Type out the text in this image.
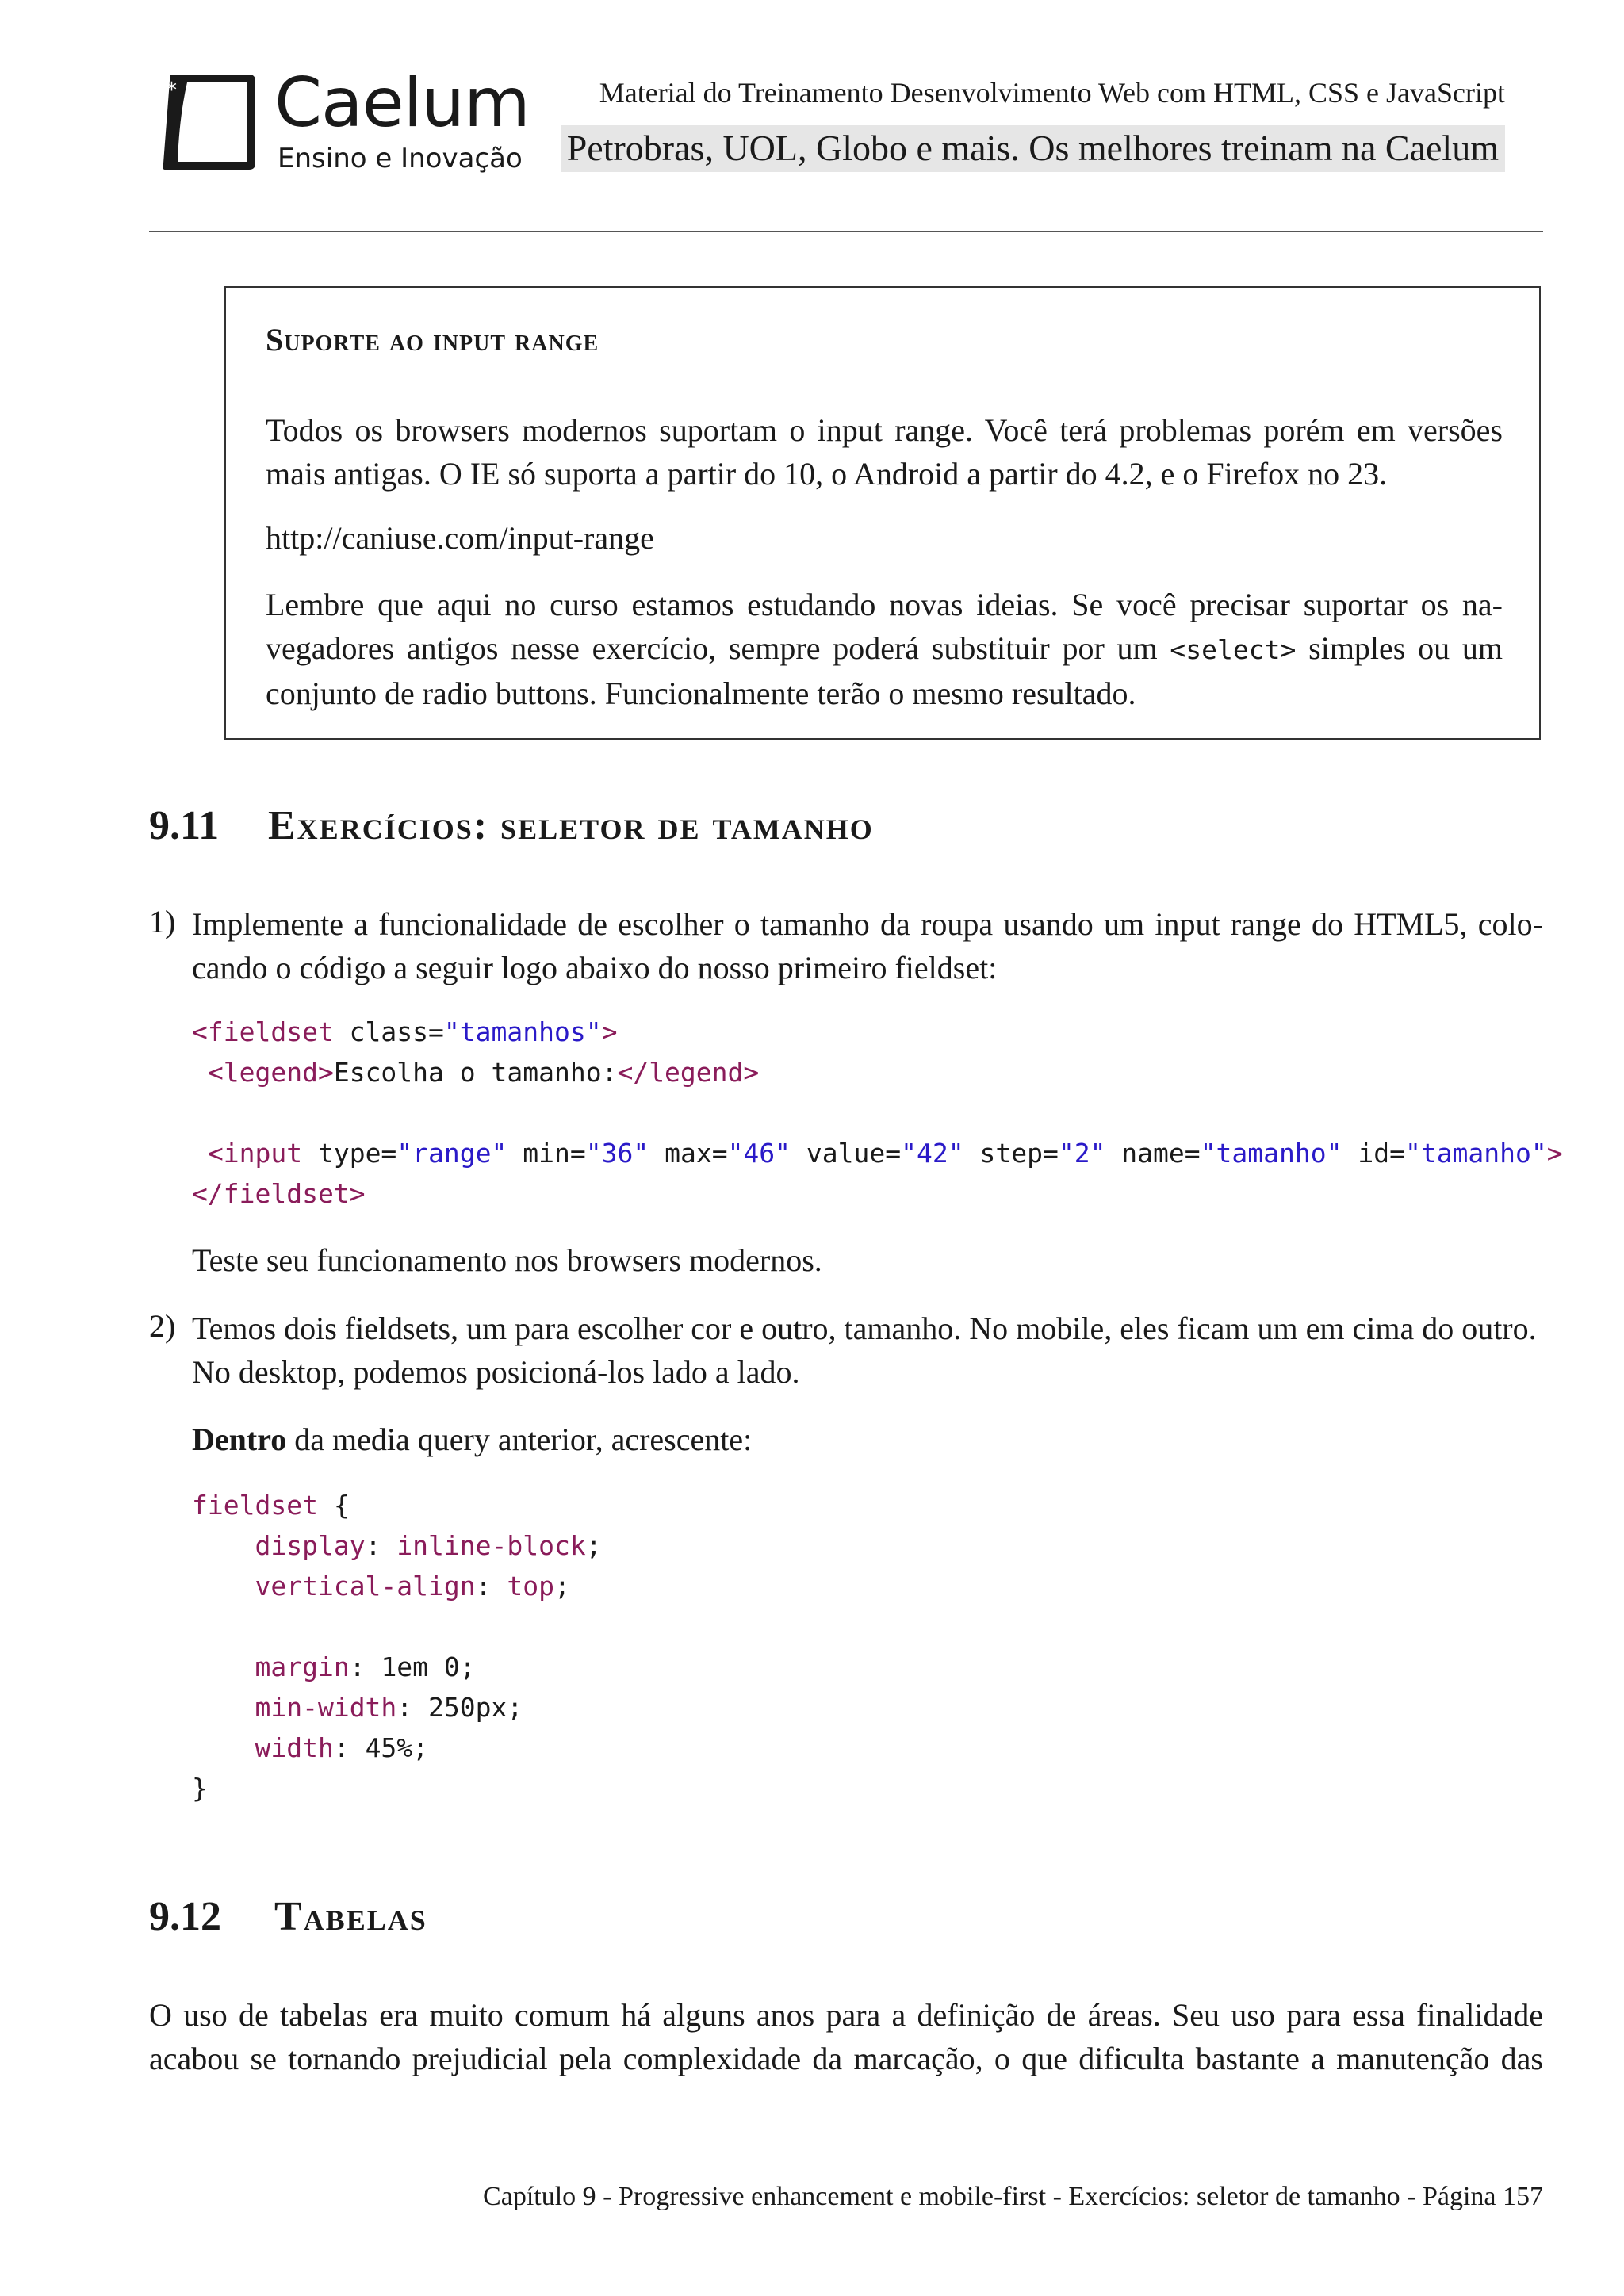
* Caelum
Ensino e Inovação
Material do Treinamento Desenvolvimento Web com HTML, CSS e JavaScript
Petrobras, UOL, Globo e mais. Os melhores treinam na Caelum
Suporte ao input range

Todos os browsers modernos suportam o input range. Você terá problemas porém em versões
mais antigas. O IE só suporta a partir do 10, o Android a partir do 4.2, e o Firefox no 23.

http://caniuse.com/input-range

Lembre que aqui no curso estamos estudando novas ideias. Se você precisar suportar os na-
vegadores antigos nesse exercício, sempre poderá substituir por um <select> simples ou um
conjunto de radio buttons. Funcionalmente terão o mesmo resultado.

9.11 Exercícios: seletor de tamanho
1) Implemente a funcionalidade de escolher o tamanho da roupa usando um input range do HTML5, colo-
cando o código a seguir logo abaixo do nosso primeiro fieldset:

<fieldset class="tamanhos">
<legend>Escolha o tamanho:</legend>

<input type="range" min="36" max="46" value="42" step="2" name="tamanho" id="tamanho">
</fieldset>

Teste seu funcionamento nos browsers modernos.

2) Temos dois fieldsets, um para escolher cor e outro, tamanho. No mobile, eles ficam um em cima do outro.
No desktop, podemos posicioná-los lado a lado.

Dentro da media query anterior, acrescente:

fieldset {
display: inline-block;
vertical-align: top;

margin: 1em 0;
min-width: 250px;
width: 45%;
}
9.12 Tabelas

O uso de tabelas era muito comum há alguns anos para a definição de áreas. Seu uso para essa finalidade
acabou se tornando prejudicial pela complexidade da marcação, o que dificulta bastante a manutenção das

Capítulo 9 - Progressive enhancement e mobile-first - Exercícios: seletor de tamanho - Página 157
